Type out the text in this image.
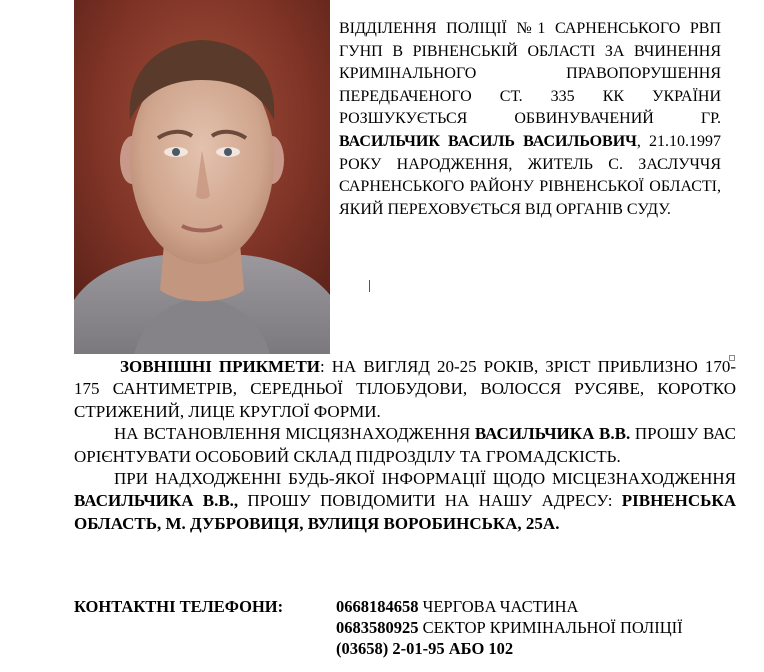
ВІДДІЛЕННЯ ПОЛІЦІЇ №1 САРНЕНСЬКОГО РВП ГУНП В РІВНЕНСЬКІЙ ОБЛАСТІ ЗА ВЧИНЕННЯ КРИМІНАЛЬНОГО ПРАВОПОРУШЕННЯ ПЕРЕДБАЧЕНОГО СТ. 335 КК УКРАЇНИ РОЗШУКУЄТЬСЯ ОБВИНУВАЧЕНИЙ ГР. ВАСИЛЬЧИК ВАСИЛЬ ВАСИЛЬОВИЧ, 21.10.1997 РОКУ НАРОДЖЕННЯ, ЖИТЕЛЬ С. ЗАСЛУЧЧЯ САРНЕНСЬКОГО РАЙОНУ РІВНЕНСЬКОЇ ОБЛАСТІ, ЯКИЙ ПЕРЕХОВУЄТЬСЯ ВІД ОРГАНІВ СУДУ.

ЗОВНІШНІ ПРИКМЕТИ: НА ВИГЛЯД 20-25 РОКІВ, ЗРІСТ ПРИБЛИЗНО 170-175 САНТИМЕТРІВ, СЕРЕДНЬОЇ ТІЛОБУДОВИ, ВОЛОССЯ РУСЯВЕ, КОРОТКО СТРИЖЕНИЙ, ЛИЦЕ КРУГЛОЇ ФОРМИ.

НА ВСТАНОВЛЕННЯ МІСЦЯЗНАХОДЖЕННЯ ВАСИЛЬЧИКА В.В. ПРОШУ ВАС ОРІЄНТУВАТИ ОСОБОВИЙ СКЛАД ПІДРОЗДІЛУ ТА ГРОМАДСКІСТЬ.

ПРИ НАДХОДЖЕННІ БУДЬ-ЯКОЇ ІНФОРМАЦІЇ ЩОДО МІСЦЕЗНАХОДЖЕННЯ ВАСИЛЬЧИКА В.В., ПРОШУ ПОВІДОМИТИ НА НАШУ АДРЕСУ: РІВНЕНСЬКА ОБЛАСТЬ, М. ДУБРОВИЦЯ, ВУЛИЦЯ ВОРОБИНСЬКА, 25А.

КОНТАКТНІ ТЕЛЕФОНИ:	0668184658 ЧЕРГОВA ЧАСТИНА
0683580925 СЕКТОР КРИМІНАЛЬНОЇ ПОЛІЦІЇ
(03658) 2-01-95 АБО 102
